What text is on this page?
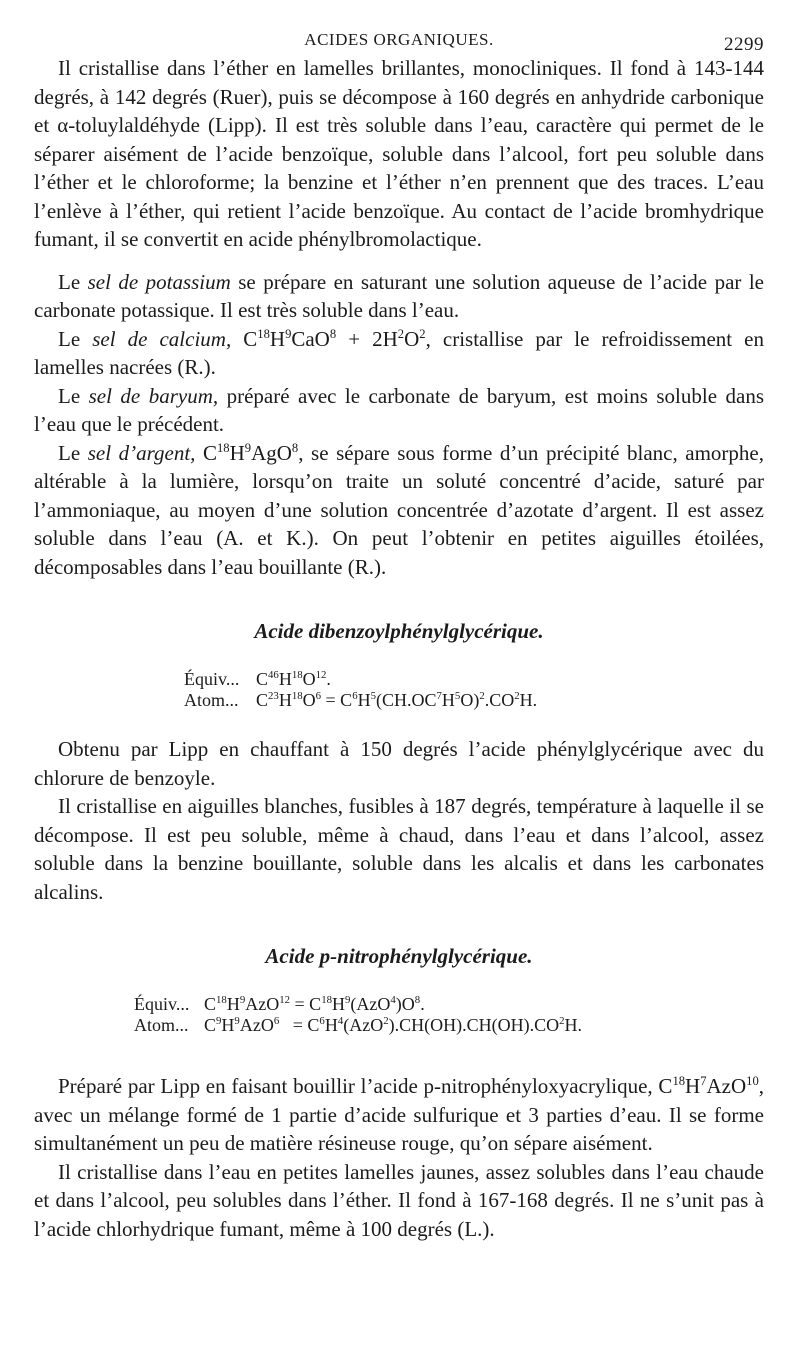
ACIDES ORGANIQUES.	2299

Il cristallise dans l’éther en lamelles brillantes, monocliniques. Il fond à 143-144 degrés, à 142 degrés (Ruer), puis se décompose à 160 degrés en anhydride carbonique et α-toluylaldéhyde (Lipp). Il est très soluble dans l’eau, caractère qui permet de le séparer aisément de l’acide benzoïque, soluble dans l’alcool, fort peu soluble dans l’éther et le chloroforme; la benzine et l’éther n’en prennent que des traces. L’eau l’enlève à l’éther, qui retient l’acide benzoïque. Au contact de l’acide bromhydrique fumant, il se convertit en acide phénylbromolactique.

Le sel de potassium se prépare en saturant une solution aqueuse de l’acide par le carbonate potassique. Il est très soluble dans l’eau.

Le sel de calcium, $C^{18}H^9CaO^8 + 2H^2O^2$, cristallise par le refroidissement en lamelles nacrées (R.).

Le sel de baryum, préparé avec le carbonate de baryum, est moins soluble dans l’eau que le précédent.

Le sel d’argent, $C^{18}H^9AgO^8$, se sépare sous forme d’un précipité blanc, amorphe, altérable à la lumière, lorsqu’on traite un soluté concentré d’acide, saturé par l’ammoniaque, au moyen d’une solution concentrée d’azotate d’argent. Il est assez soluble dans l’eau (A. et K.). On peut l’obtenir en petites aiguilles étoilées, décomposables dans l’eau bouillante (R.).

Acide dibenzoylphénylglycérique.
Équiv... $C^{46}H^{18}O^{12}$.
Atom... $C^{23}H^{18}O^6 = C^6H^5(CH.OC^7H^5O)^2.CO^2H$.

Obtenu par Lipp en chauffant à 150 degrés l’acide phénylglycérique avec du chlorure de benzoyle.

Il cristallise en aiguilles blanches, fusibles à 187 degrés, température à laquelle il se décompose. Il est peu soluble, même à chaud, dans l’eau et dans l’alcool, assez soluble dans la benzine bouillante, soluble dans les alcalis et dans les carbonates alcalins.

Acide p-nitrophénylglycérique.
Équiv... $C^{18}H^9AzO^{12} = C^{18}H^9(AzO^4)O^8$.
Atom... $C^9H^9AzO^6 = C^6H^4(AzO^2).CH(OH).CH(OH).CO^2H$.

Préparé par Lipp en faisant bouillir l’acide p-nitrophényloxyacrylique, $C^{18}H^7AzO^{10}$, avec un mélange formé de 1 partie d’acide sulfurique et 3 parties d’eau. Il se forme simultanément un peu de matière résineuse rouge, qu’on sépare aisément.

Il cristallise dans l’eau en petites lamelles jaunes, assez solubles dans l’eau chaude et dans l’alcool, peu solubles dans l’éther. Il fond à 167-168 degrés. Il ne s’unit pas à l’acide chlorhydrique fumant, même à 100 degrés (L.).
